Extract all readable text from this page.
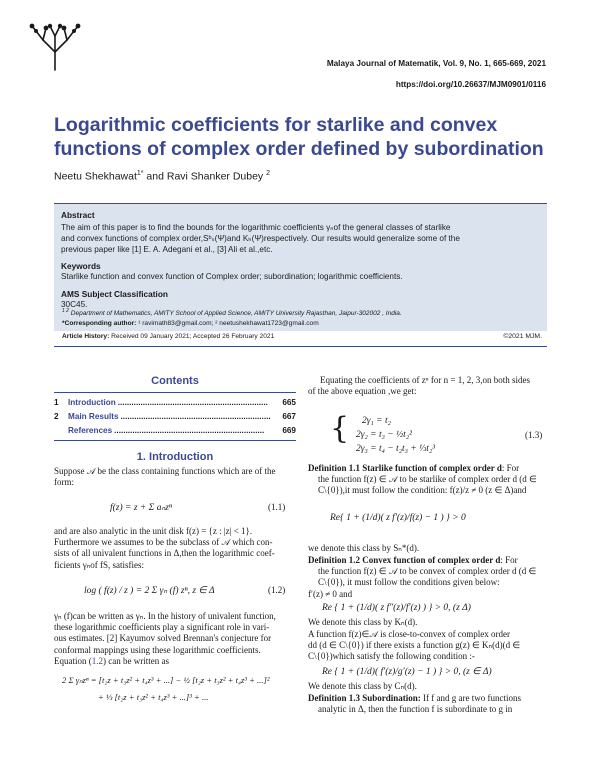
Malaya Journal of Matematik, Vol. 9, No. 1, 665-669, 2021
https://doi.org/10.26637/MJM0901/0116
Logarithmic coefficients for starlike and convex functions of complex order defined by subordination
Neetu Shekhawat$^{1*}$ and Ravi Shanker Dubey $^2$
Abstract
The aim of this paper is to find the bounds for the logarithmic coefficients γₙof the general classes of starlike
and convex functions of complex order,Sᵇₛ(Ψ)and Kₕ(Ψ)respectively. Our results would generalize some of the
previous paper like [1] E. A. Adegani et al., [3] Ali et al.,etc.
Keywords
Starlike function and convex function of Complex order; subordination; logarithmic coefficients.
AMS Subject Classification
30C45.
$^{1 2}$ Department of Mathematics, AMITY School of Applied Science, AMITY University Rajasthan, Jaipur-302002 , India.
*Corresponding author: ¹ ravimath83@gmail.com; ² neetushekhawat1723@gmail.com
Article History: Received 09 January 2021; Accepted 26 February 2021	©2021 MJM.
Contents
1	Introduction ..................................................................	665
2	Main Results ..................................................................	667
References ..................................................................	669
1. Introduction
Suppose 𝒜 be the class containing functions which are of the
form:
f(z) = z + Σ aₙzⁿ	(1.1)
and are also analytic in the unit disk f(z) = {z : |z| < 1}.
Furthermore we assumes to be the subclass of 𝒜 which con-
sists of all univalent functions in Δ,then the logarithmic coef-
ficients γₙof fS, satisfies:
log ( f(z) / z ) = 2 Σ γₙ (f) zⁿ, z ∈ Δ	(1.2)
γₙ (f)can be written as γₙ. In the history of univalent function,
these logarithmic coefficients play a significant role in vari-
ous estimates. [2] Kayumov solved Brennan's conjecture for
conformal mappings using these logarithmic coefficients.
Equation (1.2) can be written as
2 Σ γₙzⁿ = [t₂z + t₃z² + t₄z³ + ...] − ½ [t₂z + t₃z² + t₄z³ + ...]²
+ ⅓ [t₂z + t₃z² + t₄z³ + ...]³ + ...
Equating the coefficients of zⁿ for n = 1, 2, 3,on both sides
of the above equation ,we get:
{ 2γ₁ = t₂
2γ₂ = t₃ − ½t₂²
2γ₃ = t₄ − t₂t₃ + ⅓t₂³
(1.3)
Definition 1.1 Starlike function of complex order d: For
the function f(z) ∈ 𝒜 to be starlike of complex order d (d ∈
C\{0}),it must follow the condition: f(z)/z ≠ 0 (z ∈ Δ)and
Re{ 1 + (1/d)( z f′(z)/f(z) − 1 ) } > 0
we denote this class by Sₙ*(d).
Definition 1.2 Convex function of complex order d: For
the function f(z) ∈ 𝒜 to be convex of complex order d (d ∈
C\{0}), it must follow the conditions given below:
f′(z) ≠ 0 and
Re { 1 + (1/d)( z f″(z)/f′(z) ) } > 0, (z Δ)
We denote this class by Kₙ(d).
A function f(z)∈𝒜 is close-to-convex of complex order
dd (d ∈ C\{0}) if there exists a function g(z) ∈ Kₙ(d)(d ∈
C\{0})which satisfy the following condition :-
Re { 1 + (1/d)( f′(z)/g′(z) − 1 ) } > 0, (z ∈ Δ)
We denote this class by Cₙ(d).
Definition 1.3 Subordination: If f and g are two functions
analytic in Δ, then the function f is subordinate to g in
